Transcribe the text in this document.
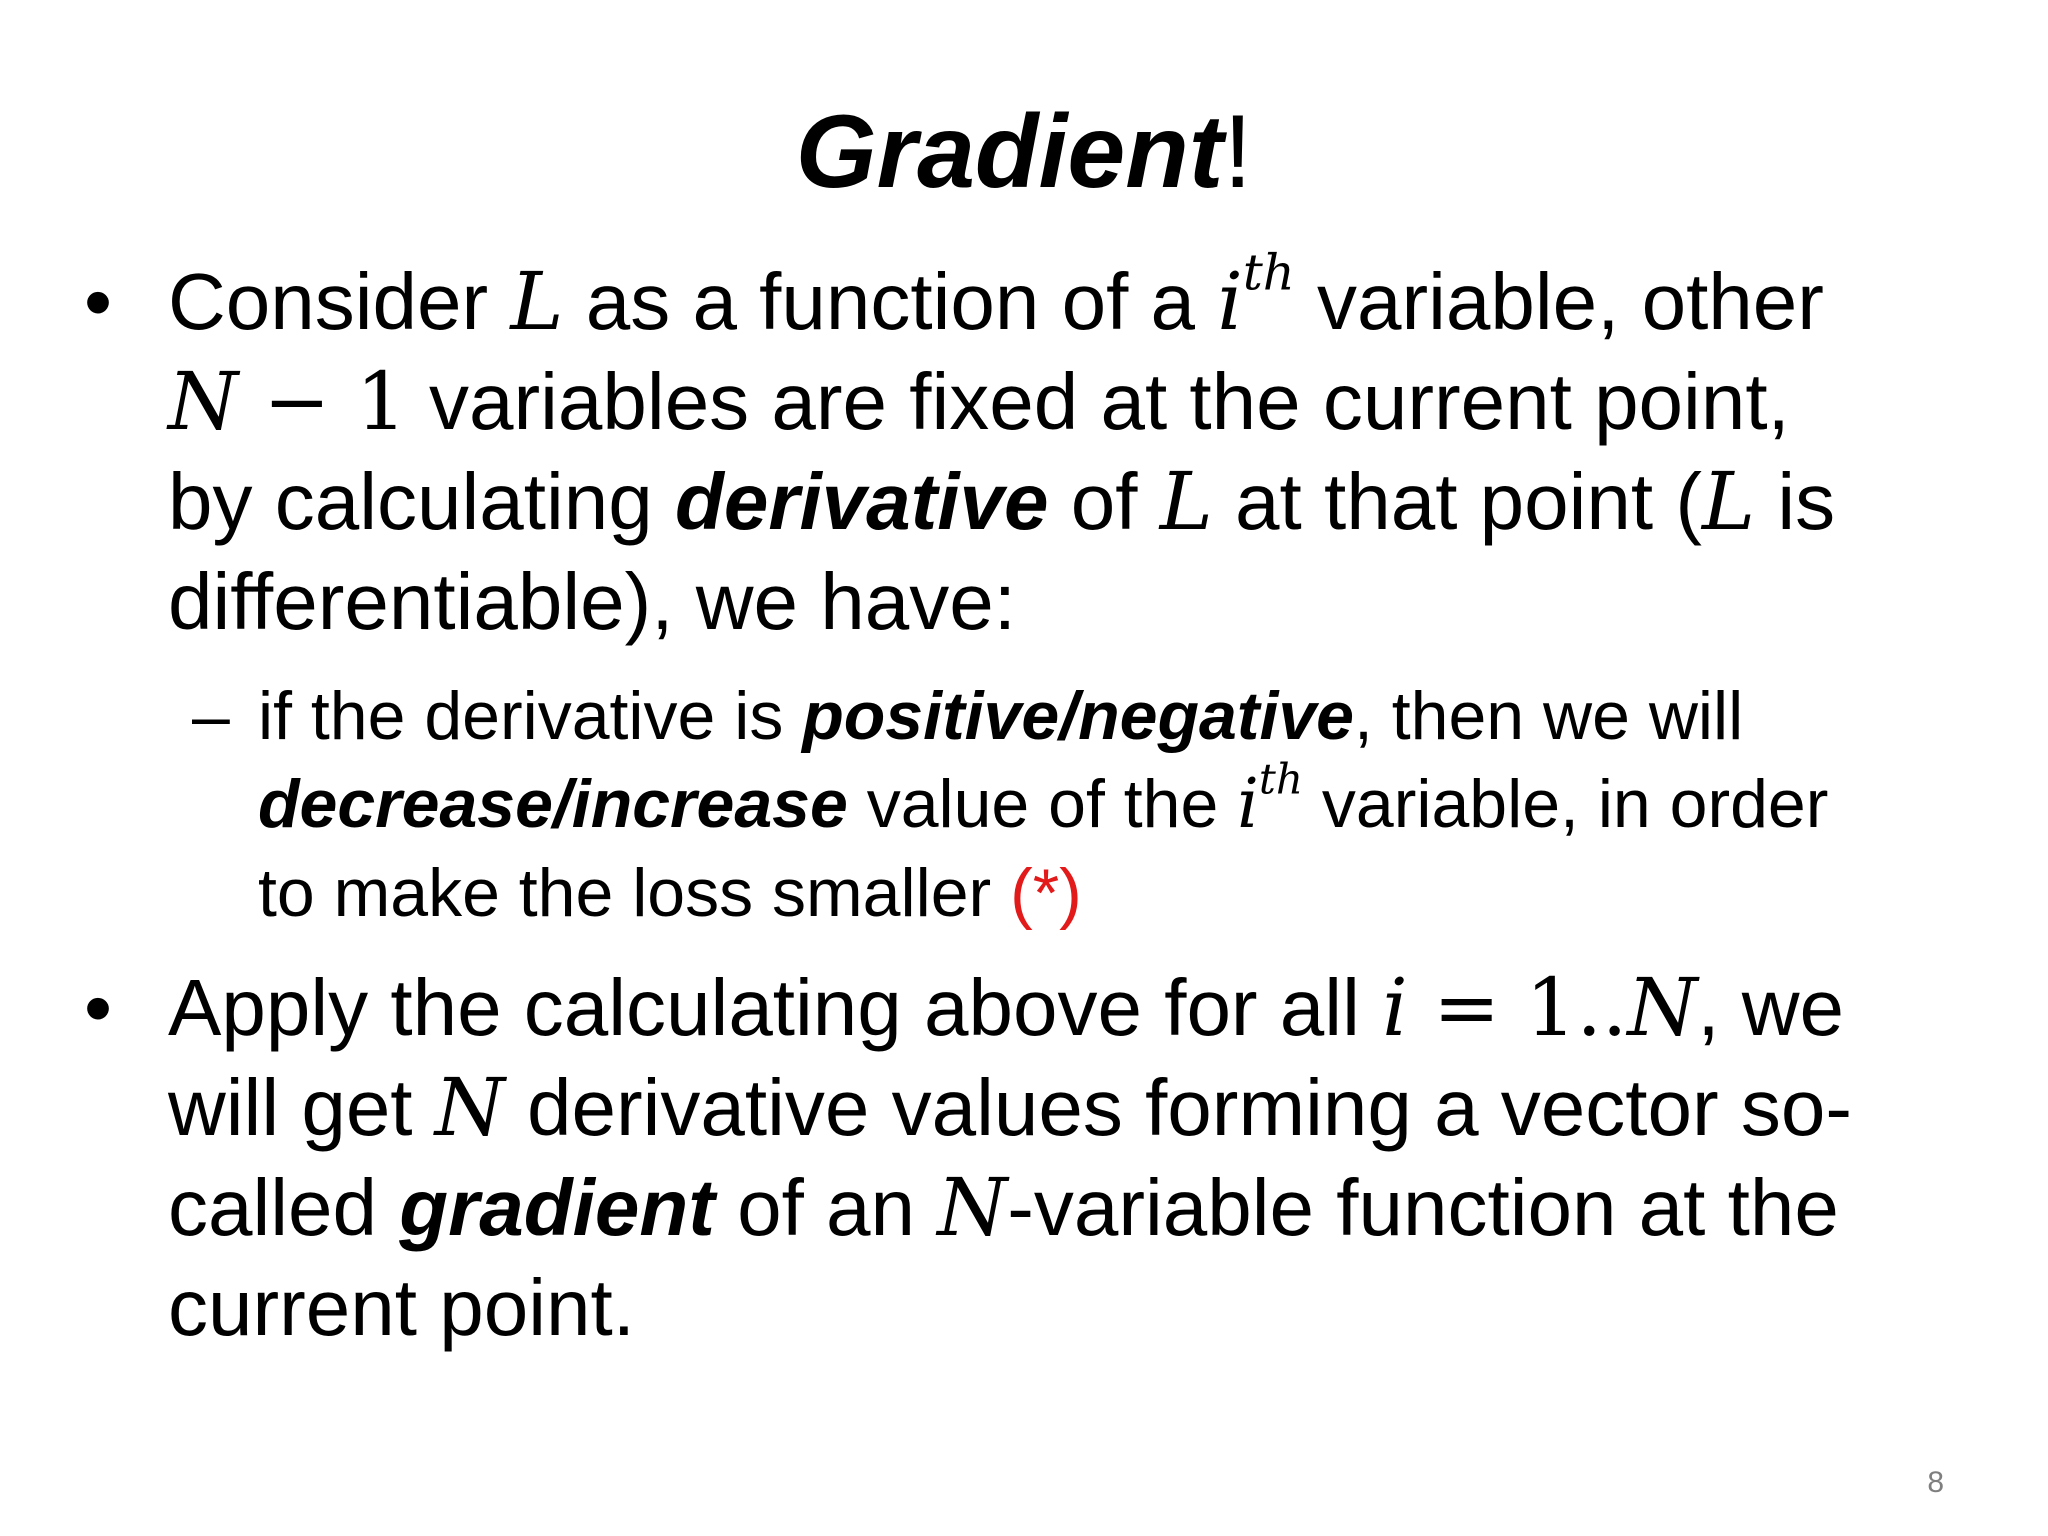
Gradient!
• Consider L as a function of a $i^{th}$ variable, other
N − 1 variables are fixed at the current point,
by calculating derivative of L at that point (L is
differentiable), we have:
– if the derivative is positive/negative, then we will
decrease/increase value of the $i^{th}$ variable, in order
to make the loss smaller (*)
• Apply the calculating above for all i = 1..N, we
will get N derivative values forming a vector so-
called gradient of an N-variable function at the
current point.
8
